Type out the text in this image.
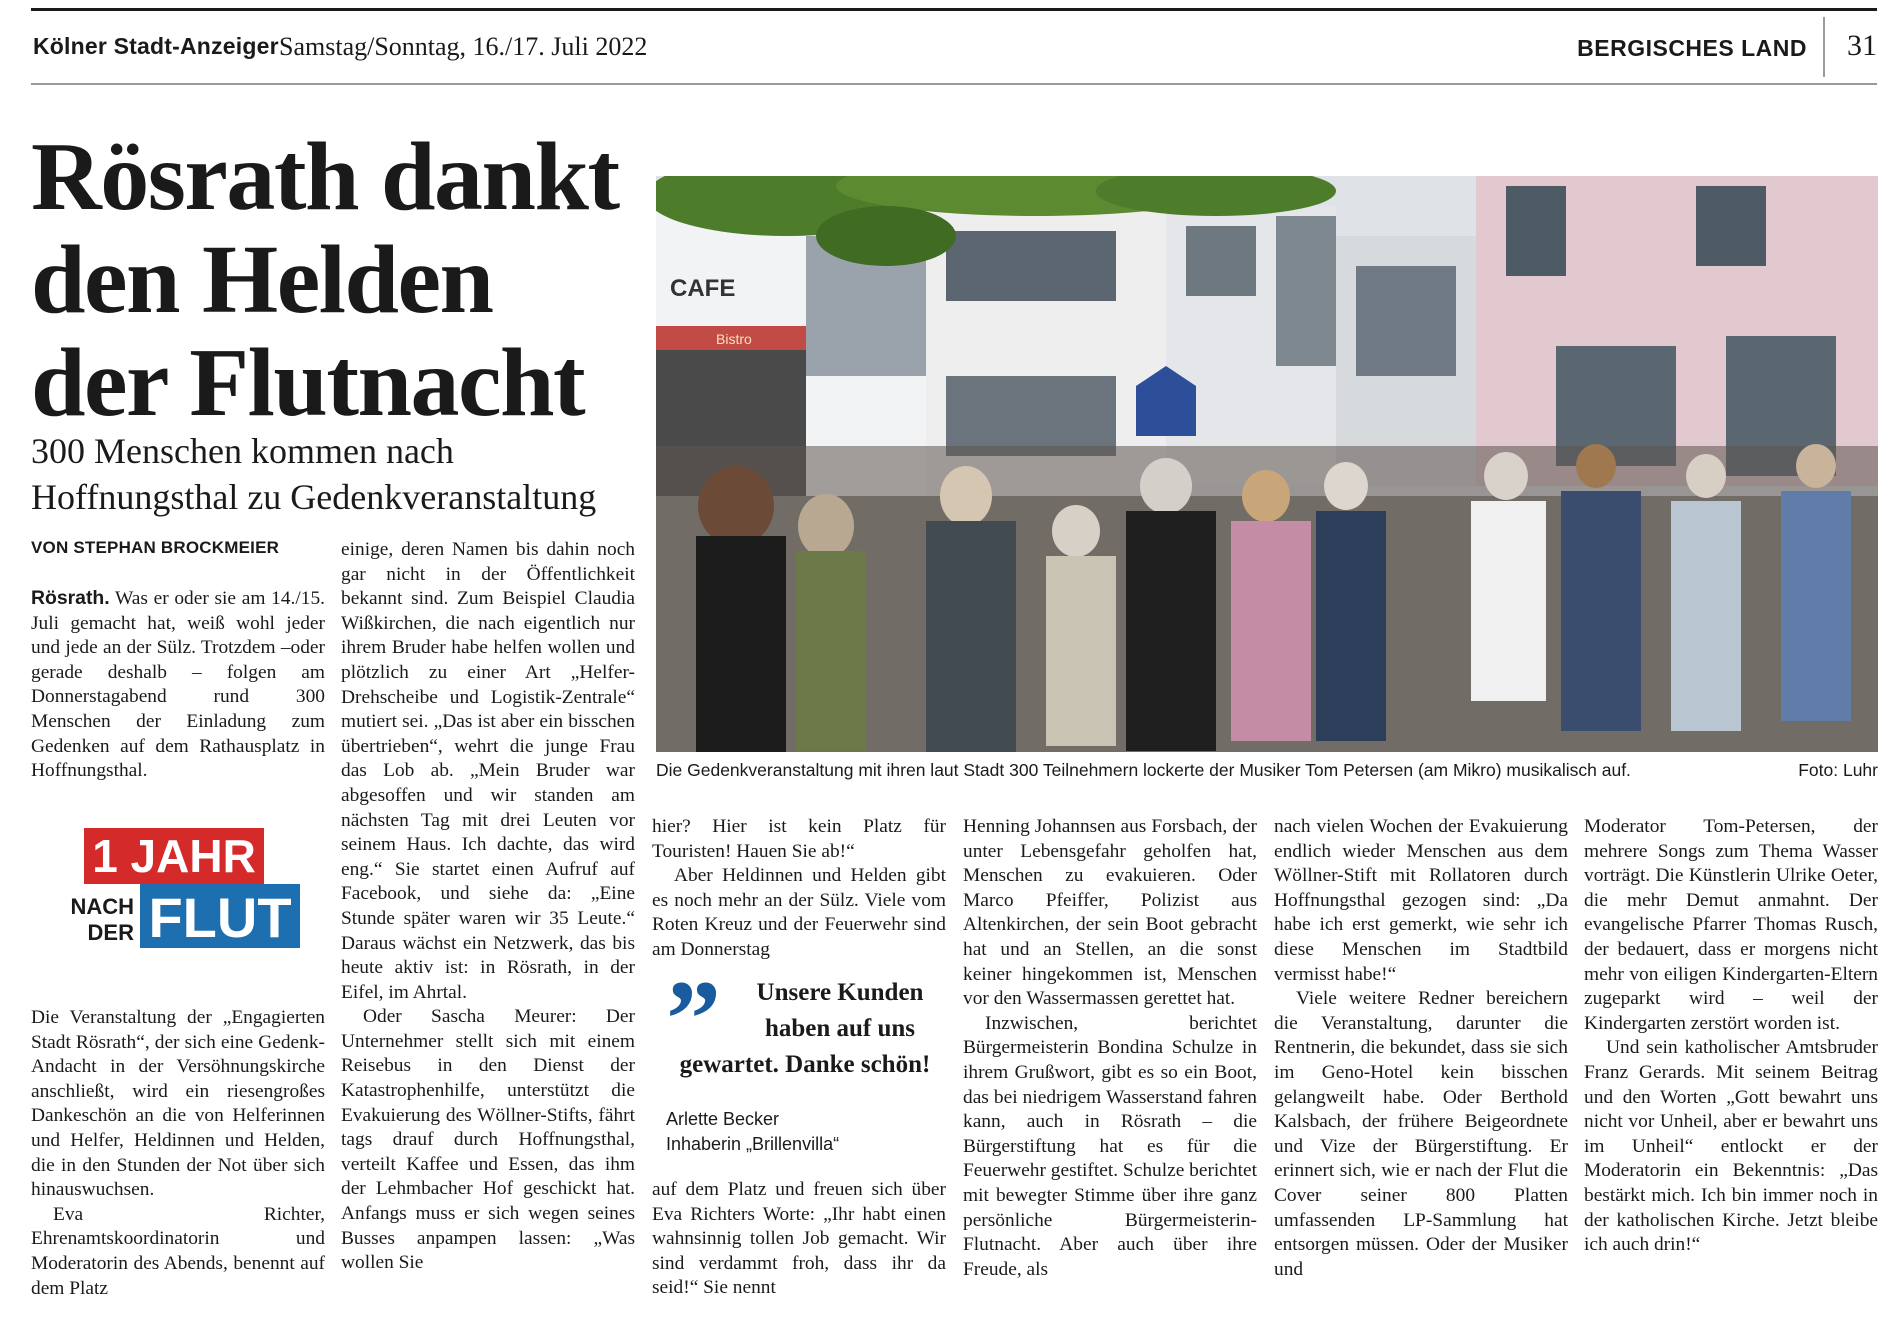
Kölner Stadt-Anzeiger Samstag/Sonntag, 16./17. Juli 2022	BERGISCHES LAND 31
Rösrath dankt
den Helden
der Flutnacht
300 Menschen kommen nach
Hoffnungsthal zu Gedenkveranstaltung
VON STEPHAN BROCKMEIER

Rösrath. Was er oder sie am 14./15. Juli gemacht hat, weiß wohl jeder und jede an der Sülz. Trotzdem –oder gerade deshalb – folgen am Donnerstagabend rund 300 Menschen der Einladung zum Gedenken auf dem Rathausplatz in Hoffnungsthal.

1 JAHR
FLUT
NACH
DER

Die Veranstaltung der „Engagierten Stadt Rösrath“, der sich eine Gedenk-Andacht in der Versöhnungskirche anschließt, wird ein riesengroßes Dankeschön an die von Helferinnen und Helfer, Heldinnen und Helden, die in den Stunden der Not über sich hinauswuchsen.

Eva Richter, Ehrenamtskoordinatorin und Moderatorin des Abends, benennt auf dem Platz

einige, deren Namen bis dahin noch gar nicht in der Öffentlichkeit bekannt sind. Zum Beispiel Claudia Wißkirchen, die nach eigentlich nur ihrem Bruder habe helfen wollen und plötzlich zu einer Art „Helfer-Drehscheibe und Logistik-Zentrale“ mutiert sei. „Das ist aber ein bisschen übertrieben“, wehrt die junge Frau das Lob ab. „Mein Bruder war abgesoffen und wir standen am nächsten Tag mit drei Leuten vor seinem Haus. Ich dachte, das wird eng.“ Sie startet einen Aufruf auf Facebook, und siehe da: „Eine Stunde später waren wir 35 Leute.“ Daraus wächst ein Netzwerk, das bis heute aktiv ist: in Rösrath, in der Eifel, im Ahrtal.

Oder Sascha Meurer: Der Unternehmer stellt sich mit einem Reisebus in den Dienst der Katastrophenhilfe, unterstützt die Evakuierung des Wöllner-Stifts, fährt tags drauf durch Hoffnungsthal, verteilt Kaffee und Essen, das ihm der Lehmbacher Hof geschickt hat. Anfangs muss er sich wegen seines Busses anpampen lassen: „Was wollen Sie

Bistro
CAFE
Die Gedenkveranstaltung mit ihren laut Stadt 300 Teilnehmern lockerte der Musiker Tom Petersen (am Mikro) musikalisch auf.	Foto: Luhr

hier? Hier ist kein Platz für Touristen! Hauen Sie ab!“

Aber Heldinnen und Helden gibt es noch mehr an der Sülz. Viele vom Roten Kreuz und der Feuerwehr sind am Donnerstag

”	Unsere Kunden
haben auf uns
gewartet. Danke schön!

Arlette Becker
Inhaberin „Brillenvilla“

auf dem Platz und freuen sich über Eva Richters Worte: „Ihr habt einen wahnsinnig tollen Job gemacht. Wir sind verdammt froh, dass ihr da seid!“ Sie nennt

Henning Johannsen aus Forsbach, der unter Lebensgefahr geholfen hat, Menschen zu evakuieren. Oder Marco Pfeiffer, Polizist aus Altenkirchen, der sein Boot gebracht hat und an Stellen, an die sonst keiner hingekommen ist, Menschen vor den Wassermassen gerettet hat.

Inzwischen, berichtet Bürgermeisterin Bondina Schulze in ihrem Grußwort, gibt es so ein Boot, das bei niedrigem Wasserstand fahren kann, auch in Rösrath – die Bürgerstiftung hat es für die Feuerwehr gestiftet. Schulze berichtet mit bewegter Stimme über ihre ganz persönliche Bürgermeisterin-Flutnacht. Aber auch über ihre Freude, als

nach vielen Wochen der Evakuierung endlich wieder Menschen aus dem Wöllner-Stift mit Rollatoren durch Hoffnungsthal gezogen sind: „Da habe ich erst gemerkt, wie sehr ich diese Menschen im Stadtbild vermisst habe!“

Viele weitere Redner bereichern die Veranstaltung, darunter die Rentnerin, die bekundet, dass sie sich im Geno-Hotel kein bisschen gelangweilt habe. Oder Berthold Kalsbach, der frühere Beigeordnete und Vize der Bürgerstiftung. Er erinnert sich, wie er nach der Flut die Cover seiner 800 Platten umfassenden LP-Sammlung hat entsorgen müssen. Oder der Musiker und

Moderator Tom-Petersen, der mehrere Songs zum Thema Wasser vorträgt. Die Künstlerin Ulrike Oeter, die mehr Demut anmahnt. Der evangelische Pfarrer Thomas Rusch, der bedauert, dass er morgens nicht mehr von eiligen Kindergarten-Eltern zugeparkt wird – weil der Kindergarten zerstört worden ist.

Und sein katholischer Amtsbruder Franz Gerards. Mit seinem Beitrag und den Worten „Gott bewahrt uns nicht vor Unheil, aber er bewahrt uns im Unheil“ entlockt er der Moderatorin ein Bekenntnis: „Das bestärkt mich. Ich bin immer noch in der katholischen Kirche. Jetzt bleibe ich auch drin!“
